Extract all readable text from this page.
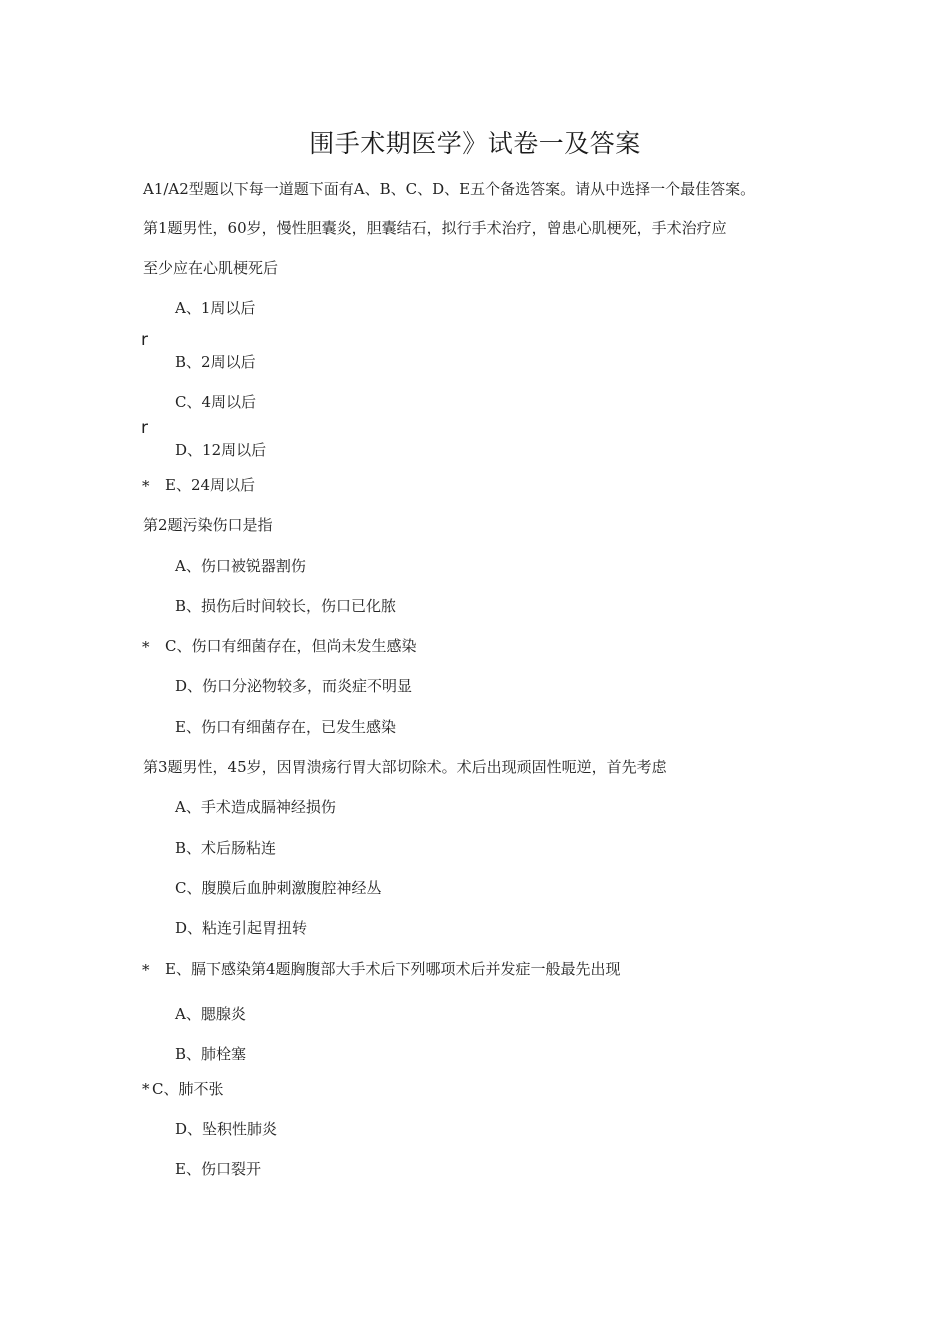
围手术期医学》试卷一及答案
A1/A2型题以下每一道题下面有A、B、C、D、E五个备选答案。请从中选择一个最佳答案。
第1题男性，60岁，慢性胆囊炎，胆囊结石，拟行手术治疗，曾患心肌梗死，手术治疗应
至少应在心肌梗死后
A、1周以后
r
B、2周以后
C、4周以后
r
D、12周以后
* E、24周以后
第2题污染伤口是指
A、伤口被锐器割伤
B、损伤后时间较长，伤口已化脓
* C、伤口有细菌存在，但尚未发生感染
D、伤口分泌物较多，而炎症不明显
E、伤口有细菌存在，已发生感染
第3题男性，45岁，因胃溃疡行胃大部切除术。术后出现顽固性呃逆，首先考虑
A、手术造成膈神经损伤
B、术后肠粘连
C、腹膜后血肿刺激腹腔神经丛
D、粘连引起胃扭转
* E、膈下感染第4题胸腹部大手术后下列哪项术后并发症一般最先出现
A、腮腺炎
B、肺栓塞
* C、肺不张
D、坠积性肺炎
E、伤口裂开
